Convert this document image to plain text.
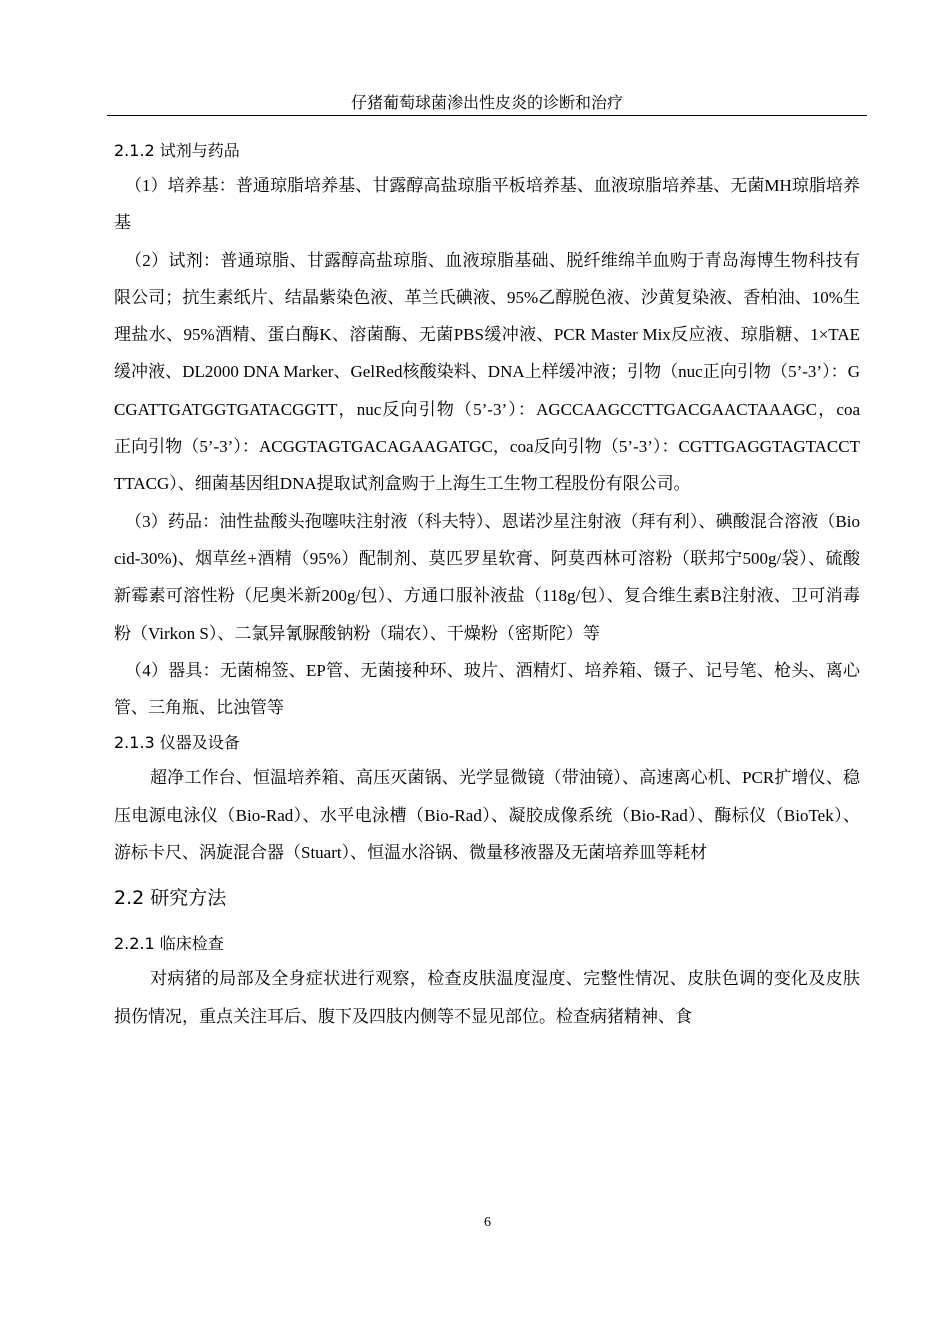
仔猪葡萄球菌渗出性皮炎的诊断和治疗
2.1.2 试剂与药品

（1）培养基：普通琼脂培养基、甘露醇高盐琼脂平板培养基、血液琼脂培养基、无菌MH琼脂培养基

（2）试剂：普通琼脂、甘露醇高盐琼脂、血液琼脂基础、脱纤维绵羊血购于青岛海博生物科技有限公司；抗生素纸片、结晶紫染色液、革兰氏碘液、95%乙醇脱色液、沙黄复染液、香柏油、10%生理盐水、95%酒精、蛋白酶K、溶菌酶、无菌PBS缓冲液、PCR Master Mix反应液、琼脂糖、1×TAE缓冲液、DL2000 DNA Marker、GelRed核酸染料、DNA上样缓冲液；引物（nuc正向引物（5’-3’）：GCGATTGATGGTGATACGGTT，nuc反向引物（5’-3’）：AGCCAAGCCTTGACGAACTAAAGC，coa正向引物（5’-3’）：ACGGTAGTGACAGAAGATGC，coa反向引物（5’-3’）：CGTTGAGGTAGTACCTTTACG）、细菌基因组DNA提取试剂盒购于上海生工生物工程股份有限公司。

（3）药品：油性盐酸头孢噻呋注射液（科夫特）、恩诺沙星注射液（拜有利）、碘酸混合溶液（Biocid-30%)、烟草丝+酒精（95%）配制剂、莫匹罗星软膏、阿莫西林可溶粉（联邦宁500g/袋）、硫酸新霉素可溶性粉（尼奥米新200g/包）、方通口服补液盐（118g/包）、复合维生素B注射液、卫可消毒粉（Virkon S）、二氯异氰脲酸钠粉（瑞农）、干燥粉（密斯陀）等

（4）器具：无菌棉签、EP管、无菌接种环、玻片、酒精灯、培养箱、镊子、记号笔、枪头、离心管、三角瓶、比浊管等

2.1.3 仪器及设备

超净工作台、恒温培养箱、高压灭菌锅、光学显微镜（带油镜）、高速离心机、PCR扩增仪、稳压电源电泳仪（Bio-Rad）、水平电泳槽（Bio-Rad）、凝胶成像系统（Bio-Rad）、酶标仪（BioTek）、游标卡尺、涡旋混合器（Stuart）、恒温水浴锅、微量移液器及无菌培养皿等耗材

2.2 研究方法
2.2.1 临床检查

对病猪的局部及全身症状进行观察，检查皮肤温度湿度、完整性情况、皮肤色调的变化及皮肤损伤情况，重点关注耳后、腹下及四肢内侧等不显见部位。检查病猪精神、食

6
